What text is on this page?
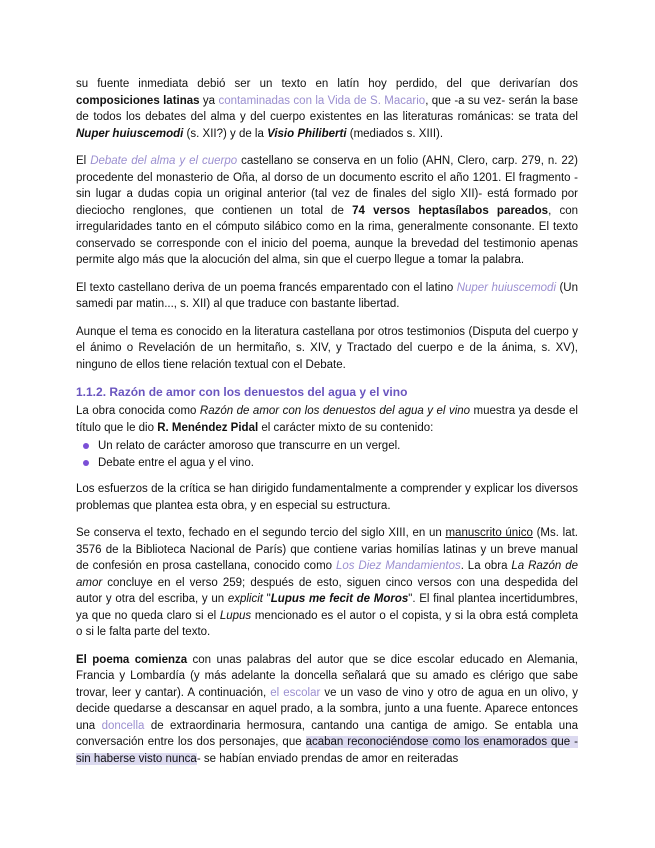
su fuente inmediata debió ser un texto en latín hoy perdido, del que derivarían dos composiciones latinas ya contaminadas con la Vida de S. Macario, que -a su vez- serán la base de todos los debates del alma y del cuerpo existentes en las literaturas románicas: se trata del Nuper huiuscemodi (s. XII?) y de la Visio Philiberti (mediados s. XIII).

El Debate del alma y el cuerpo castellano se conserva en un folio (AHN, Clero, carp. 279, n. 22) procedente del monasterio de Oña, al dorso de un documento escrito el año 1201. El fragmento -sin lugar a dudas copia un original anterior (tal vez de finales del siglo XII)- está formado por dieciocho renglones, que contienen un total de 74 versos heptasílabos pareados, con irregularidades tanto en el cómputo silábico como en la rima, generalmente consonante. El texto conservado se corresponde con el inicio del poema, aunque la brevedad del testimonio apenas permite algo más que la alocución del alma, sin que el cuerpo llegue a tomar la palabra.

El texto castellano deriva de un poema francés emparentado con el latino Nuper huiuscemodi (Un samedi par matin..., s. XII) al que traduce con bastante libertad.

Aunque el tema es conocido en la literatura castellana por otros testimonios (Disputa del cuerpo y el ánimo o Revelación de un hermitaño, s. XIV, y Tractado del cuerpo e de la ánima, s. XV), ninguno de ellos tiene relación textual con el Debate.

1.1.2. Razón de amor con los denuestos del agua y el vino

La obra conocida como Razón de amor con los denuestos del agua y el vino muestra ya desde el título que le dio R. Menéndez Pidal el carácter mixto de su contenido:

Un relato de carácter amoroso que transcurre en un vergel.
Debate entre el agua y el vino.

Los esfuerzos de la crítica se han dirigido fundamentalmente a comprender y explicar los diversos problemas que plantea esta obra, y en especial su estructura.

Se conserva el texto, fechado en el segundo tercio del siglo XIII, en un manuscrito único (Ms. lat. 3576 de la Biblioteca Nacional de París) que contiene varias homilías latinas y un breve manual de confesión en prosa castellana, conocido como Los Diez Mandamientos. La obra La Razón de amor concluye en el verso 259; después de esto, siguen cinco versos con una despedida del autor y otra del escriba, y un explicit "Lupus me fecit de Moros". El final plantea incertidumbres, ya que no queda claro si el Lupus mencionado es el autor o el copista, y si la obra está completa o si le falta parte del texto.

El poema comienza con unas palabras del autor que se dice escolar educado en Alemania, Francia y Lombardía (y más adelante la doncella señalará que su amado es clérigo que sabe trovar, leer y cantar). A continuación, el escolar ve un vaso de vino y otro de agua en un olivo, y decide quedarse a descansar en aquel prado, a la sombra, junto a una fuente. Aparece entonces una doncella de extraordinaria hermosura, cantando una cantiga de amigo. Se entabla una conversación entre los dos personajes, que acaban reconociéndose como los enamorados que -sin haberse visto nunca- se habían enviado prendas de amor en reiteradas
